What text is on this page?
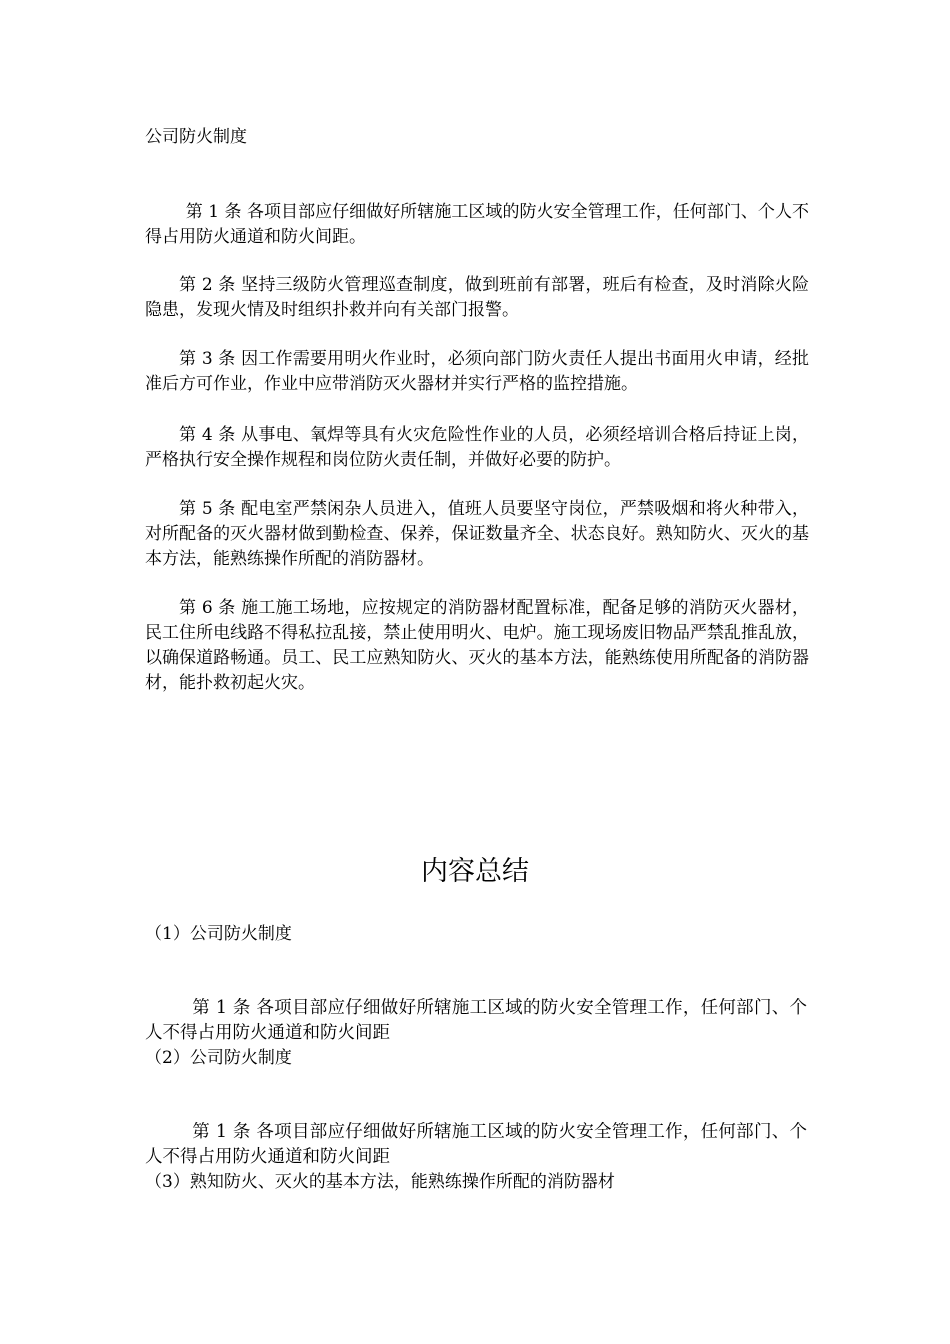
公司防火制度

第 1 条 各项目部应仔细做好所辖施工区域的防火安全管理工作，任何部门、个人不得占用防火通道和防火间距。

第 2 条 坚持三级防火管理巡查制度，做到班前有部署，班后有检查，及时消除火险隐患，发现火情及时组织扑救并向有关部门报警。

第 3 条 因工作需要用明火作业时，必须向部门防火责任人提出书面用火申请，经批准后方可作业，作业中应带消防灭火器材并实行严格的监控措施。

第 4 条 从事电、氧焊等具有火灾危险性作业的人员，必须经培训合格后持证上岗，严格执行安全操作规程和岗位防火责任制，并做好必要的防护。

第 5 条 配电室严禁闲杂人员进入，值班人员要坚守岗位，严禁吸烟和将火种带入，对所配备的灭火器材做到勤检查、保养，保证数量齐全、状态良好。熟知防火、灭火的基本方法，能熟练操作所配的消防器材。

第 6 条 施工施工场地，应按规定的消防器材配置标准，配备足够的消防灭火器材，民工住所电线路不得私拉乱接，禁止使用明火、电炉。施工现场废旧物品严禁乱推乱放，以确保道路畅通。员工、民工应熟知防火、灭火的基本方法，能熟练使用所配备的消防器材，能扑救初起火灾。

内容总结
（1）公司防火制度

第 1 条 各项目部应仔细做好所辖施工区域的防火安全管理工作，任何部门、个人不得占用防火通道和防火间距

（2）公司防火制度

第 1 条 各项目部应仔细做好所辖施工区域的防火安全管理工作，任何部门、个人不得占用防火通道和防火间距

（3）熟知防火、灭火的基本方法，能熟练操作所配的消防器材
